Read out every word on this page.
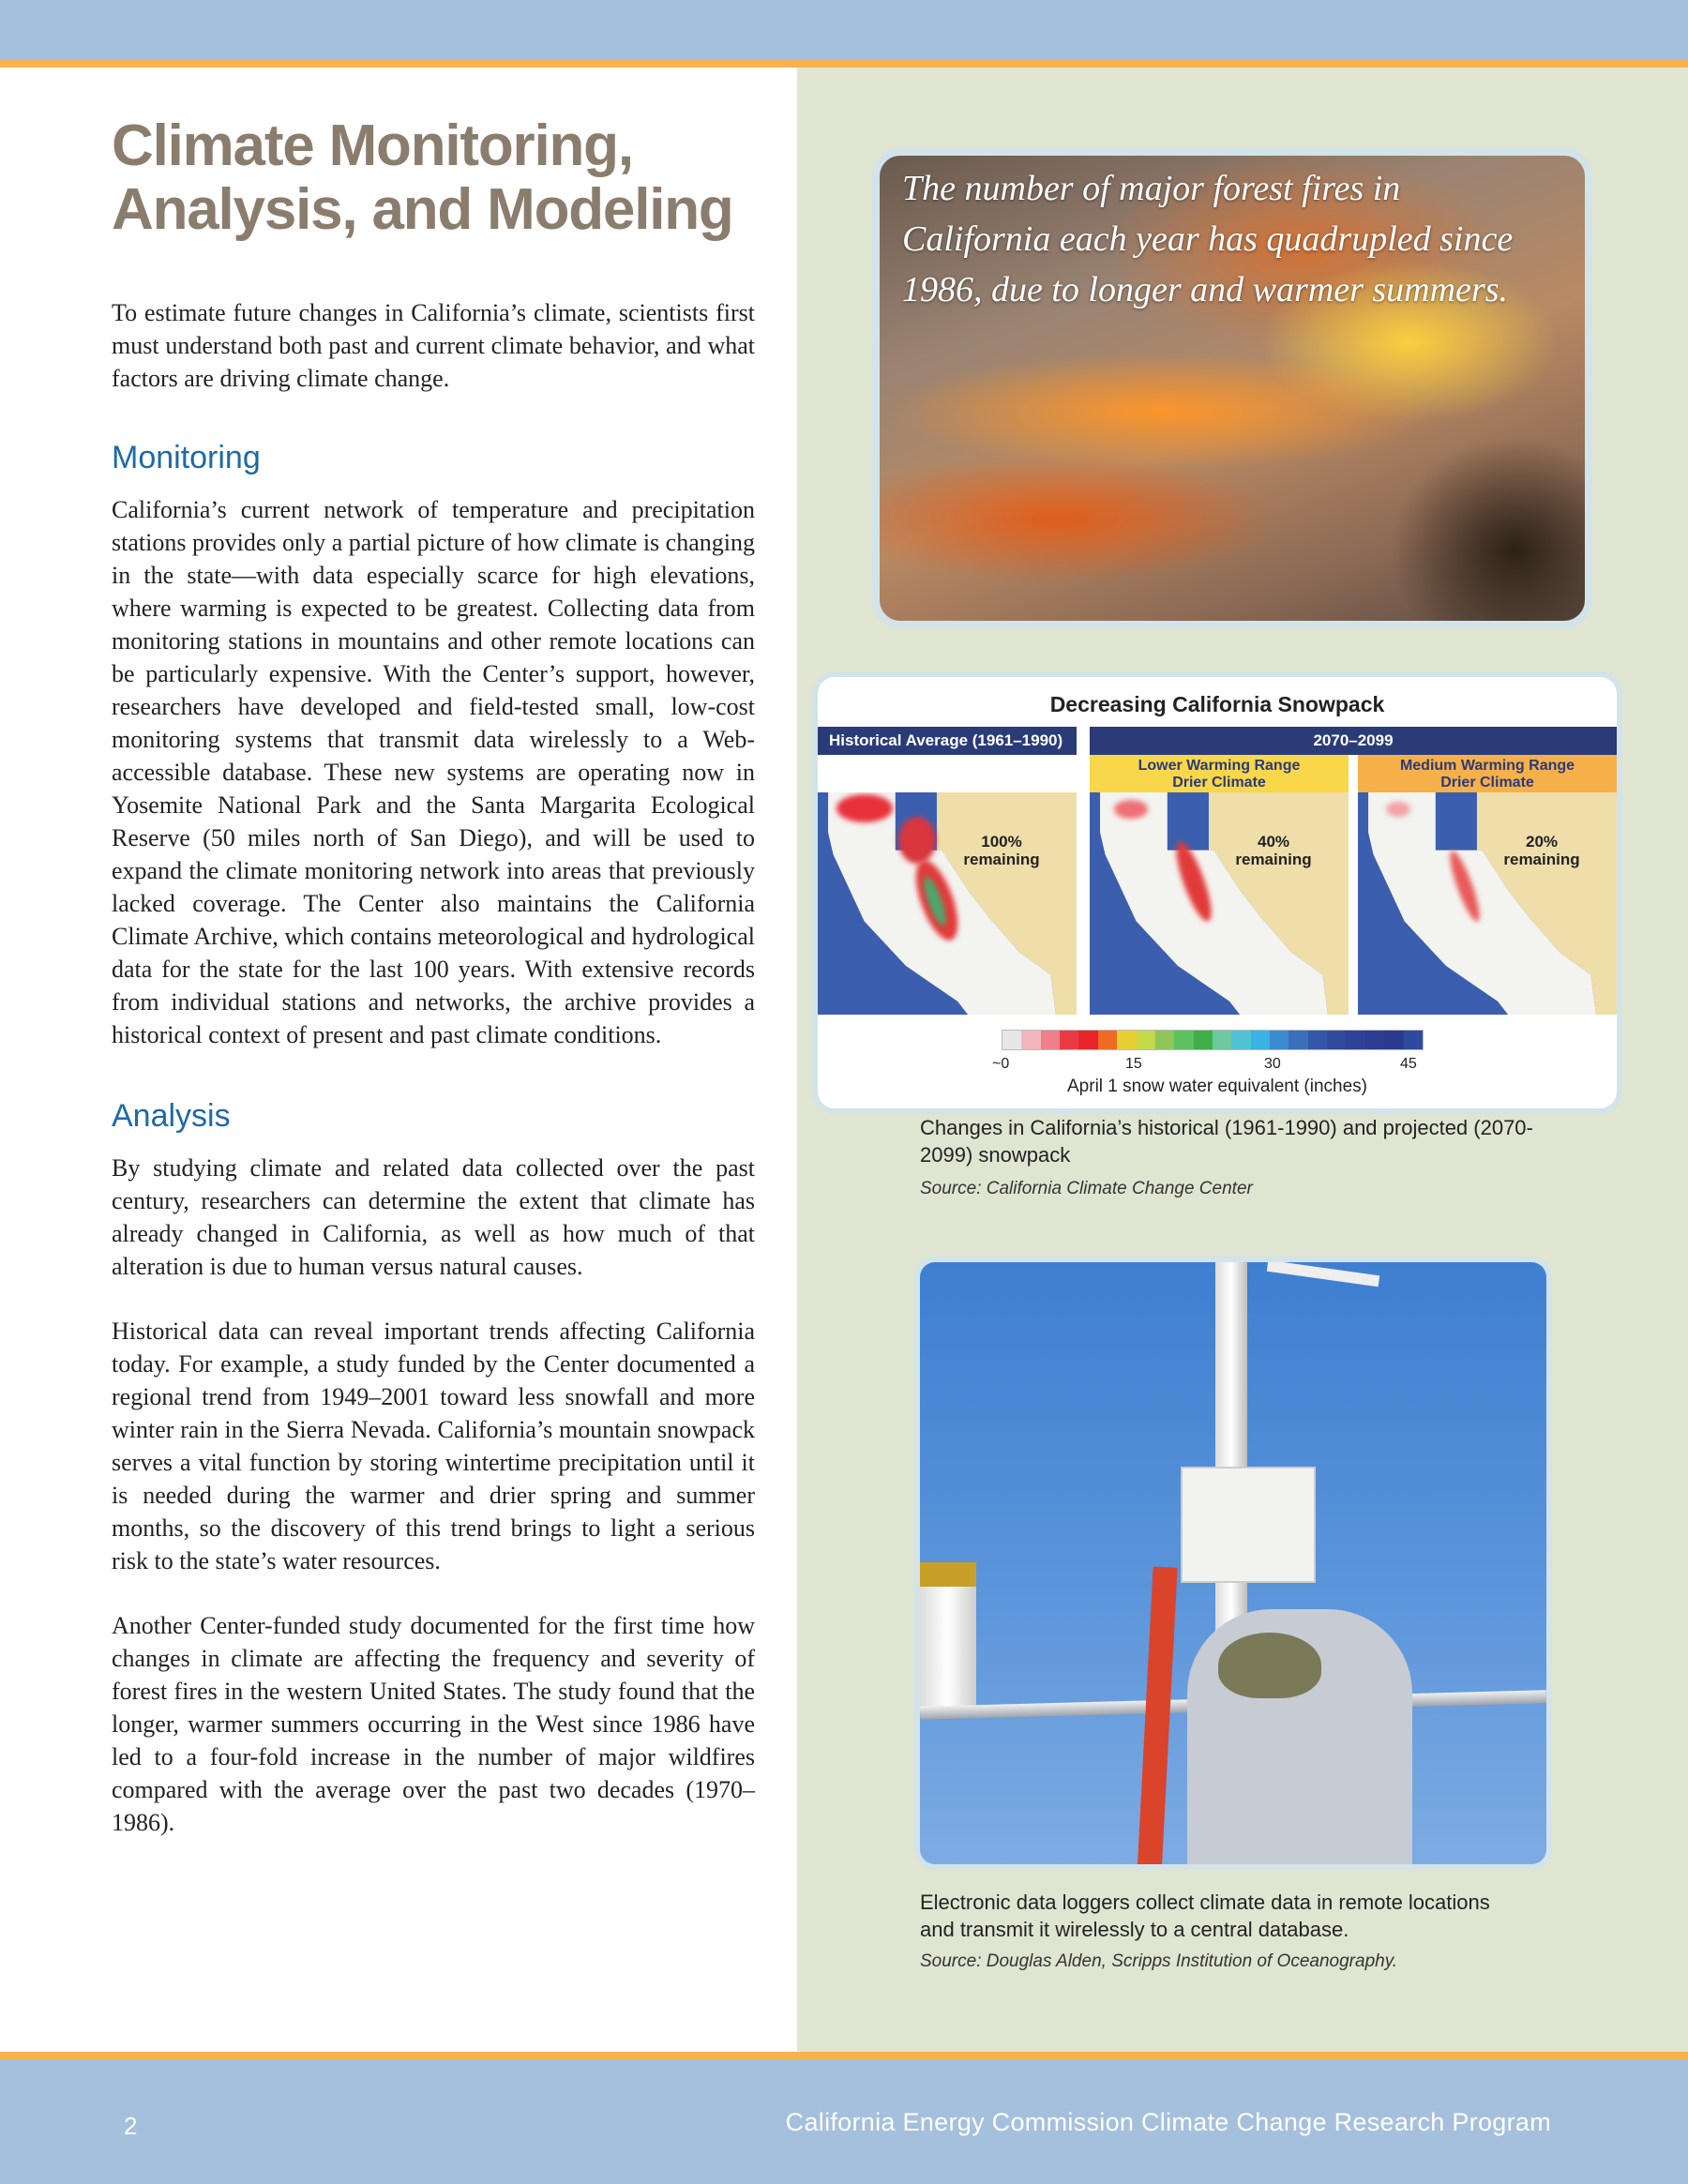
Climate Monitoring, Analysis, and Modeling

To estimate future changes in California’s climate, scientists first must understand both past and current climate behavior, and what factors are driving climate change.

Monitoring

California’s current network of temperature and precipitation stations provides only a partial picture of how climate is changing in the state—with data especially scarce for high elevations, where warming is expected to be greatest. Collecting data from monitoring stations in mountains and other remote locations can be particularly expensive. With the Center’s support, however, researchers have developed and field-tested small, low-cost monitoring systems that transmit data wirelessly to a Web-accessible database. These new systems are operating now in Yosemite National Park and the Santa Margarita Ecological Reserve (50 miles north of San Diego), and will be used to expand the climate monitoring network into areas that previously lacked coverage. The Center also maintains the California Climate Archive, which contains meteorological and hydrological data for the state for the last 100 years. With extensive records from individual stations and networks, the archive provides a historical context of present and past climate conditions.

Analysis

By studying climate and related data collected over the past century, researchers can determine the extent that climate has already changed in California, as well as how much of that alteration is due to human versus natural causes.

Historical data can reveal important trends affecting California today. For example, a study funded by the Center documented a regional trend from 1949–2001 toward less snowfall and more winter rain in the Sierra Nevada. California’s mountain snowpack serves a vital function by storing wintertime precipitation until it is needed during the warmer and drier spring and summer months, so the discovery of this trend brings to light a serious risk to the state’s water resources.

Another Center-funded study documented for the first time how changes in climate are affecting the frequency and severity of forest fires in the western United States. The study found that the longer, warmer summers occurring in the West since 1986 have led to a four-fold increase in the number of major wildfires compared with the average over the past two decades (1970–1986).

The number of major forest fires in California each year has quadrupled since 1986, due to longer and warmer summers.
Decreasing California Snowpack
Historical Average (1961–1990)	2070–2099
Lower Warming Range
Drier Climate
Medium Warming Range
Drier Climate
100%
remaining
40%
remaining
20%
remaining
~0	15	30	45
April 1 snow water equivalent (inches)
Changes in California’s historical (1961-1990) and projected (2070-2099) snowpack
Source: California Climate Change Center
Electronic data loggers collect climate data in remote locations and transmit it wirelessly to a central database.
Source: Douglas Alden, Scripps Institution of Oceanography.
2	California Energy Commission Climate Change Research Program
